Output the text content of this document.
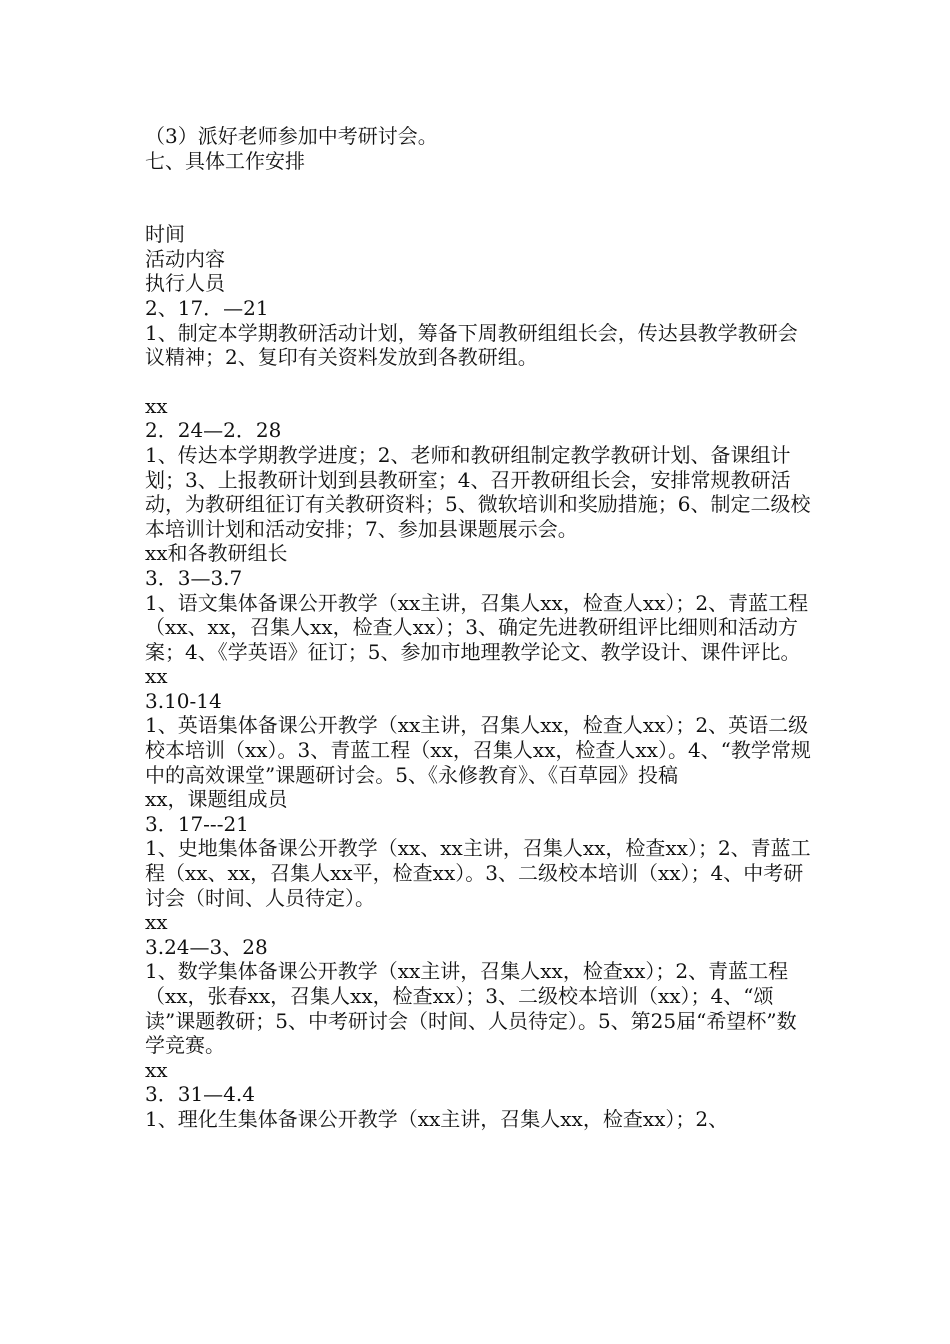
（3）派好老师参加中考研讨会。

七、具体工作安排

时间

活动内容

执行人员

2、17．—21

1、制定本学期教研活动计划，筹备下周教研组组长会，传达县教学教研会议精神；2、复印有关资料发放到各教研组。

xx

2．24—2．28

1、传达本学期教学进度；2、老师和教研组制定教学教研计划、备课组计划；3、上报教研计划到县教研室；4、召开教研组长会，安排常规教研活动，为教研组征订有关教研资料；5、微软培训和奖励措施；6、制定二级校本培训计划和活动安排；7、参加县课题展示会。

xx和各教研组长

3．3—3.7

1、语文集体备课公开教学（xx主讲，召集人xx，检查人xx）；2、青蓝工程（xx、xx，召集人xx，检查人xx）；3、确定先进教研组评比细则和活动方案；4、《学英语》征订；5、参加市地理教学论文、教学设计、课件评比。

xx

3.10-14

1、英语集体备课公开教学（xx主讲，召集人xx，检查人xx）；2、英语二级校本培训（xx）。3、青蓝工程（xx，召集人xx，检查人xx）。4、“教学常规中的高效课堂”课题研讨会。5、《永修教育》、《百草园》投稿

xx，课题组成员

3．17---21

1、史地集体备课公开教学（xx、xx主讲，召集人xx，检查xx）；2、青蓝工程（xx、xx，召集人xx平，检查xx）。3、二级校本培训（xx）；4、中考研讨会（时间、人员待定）。

xx

3.24—3、28

1、数学集体备课公开教学（xx主讲，召集人xx，检查xx）；2、青蓝工程（xx，张春xx，召集人xx，检查xx）；3、二级校本培训（xx）；4、“颂读”课题教研；5、中考研讨会（时间、人员待定）。5、第25届“希望杯”数学竞赛。

xx

3．31—4.4

1、理化生集体备课公开教学（xx主讲，召集人xx，检查xx）；2、
